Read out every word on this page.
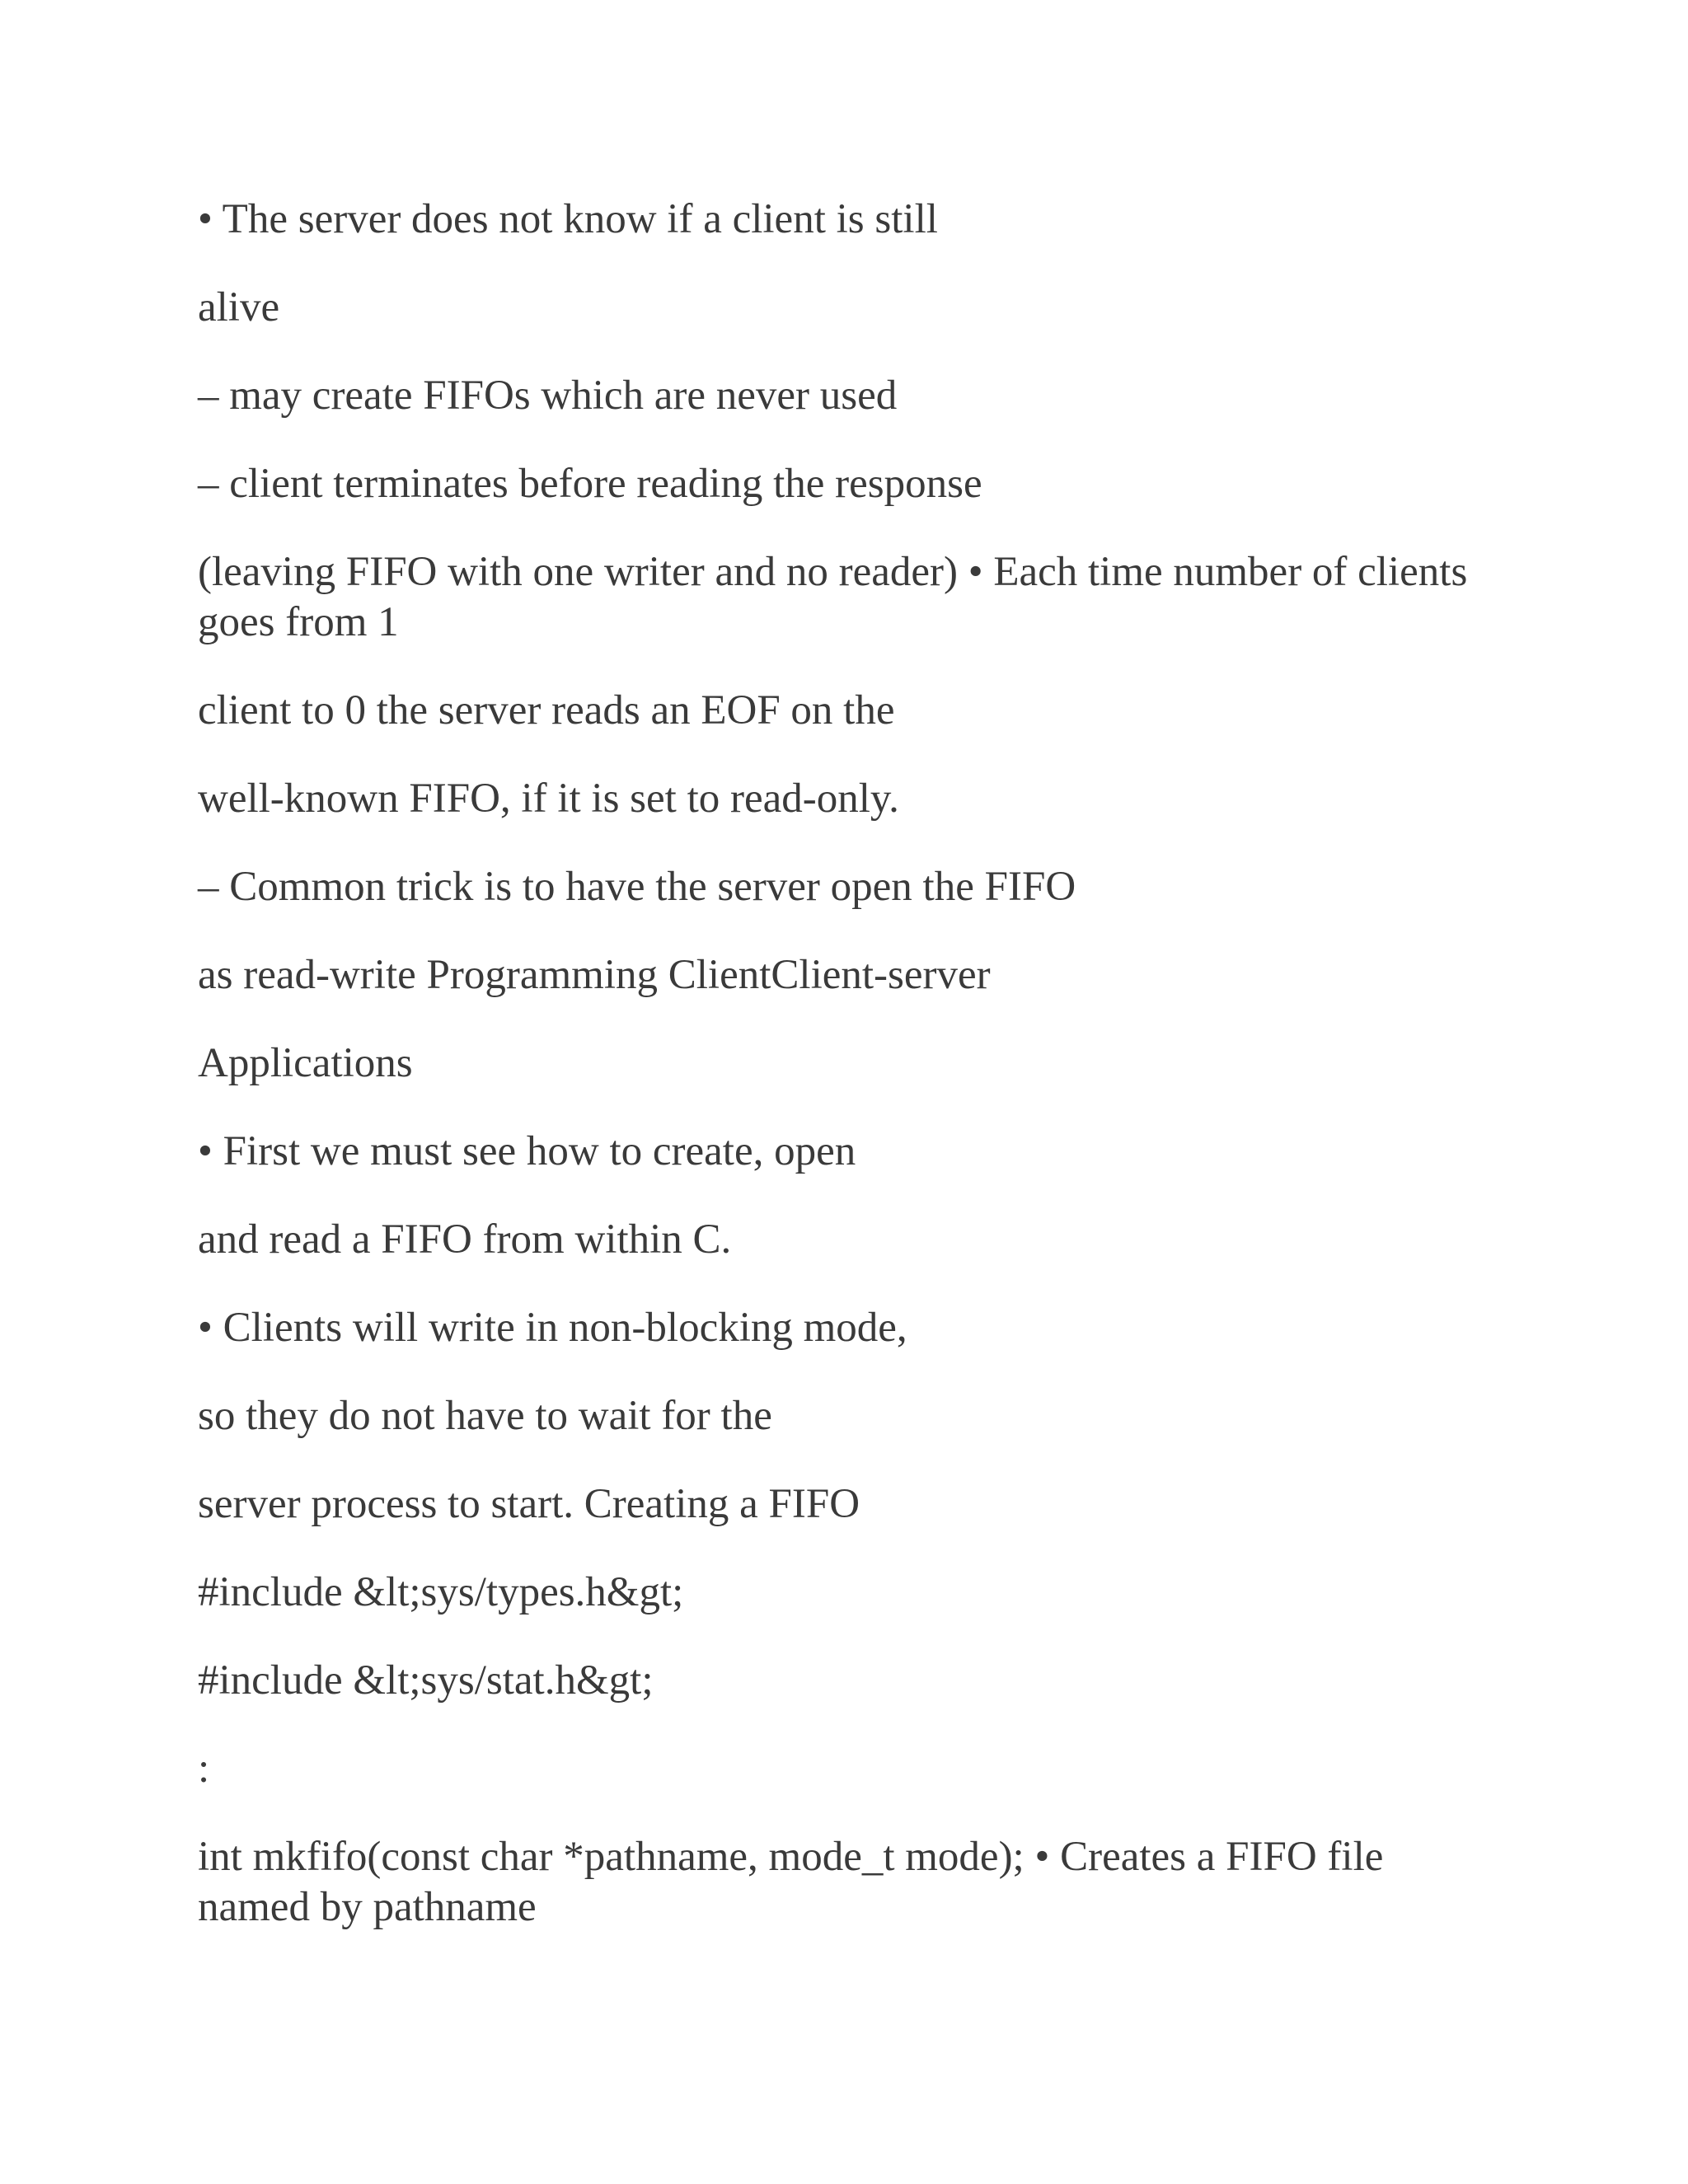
• The server does not know if a client is still

alive

– may create FIFOs which are never used

– client terminates before reading the response

(leaving FIFO with one writer and no reader) • Each time number of clients goes from 1

client to 0 the server reads an EOF on the

well-known FIFO, if it is set to read-only.

– Common trick is to have the server open the FIFO

as read-write Programming ClientClient-server

Applications

• First we must see how to create, open

and read a FIFO from within C.

• Clients will write in non-blocking mode,

so they do not have to wait for the

server process to start. Creating a FIFO

#include &lt;sys/types.h&gt;

#include &lt;sys/stat.h&gt;

:

int mkfifo(const char *pathname, mode_t mode); • Creates a FIFO file named by pathname
